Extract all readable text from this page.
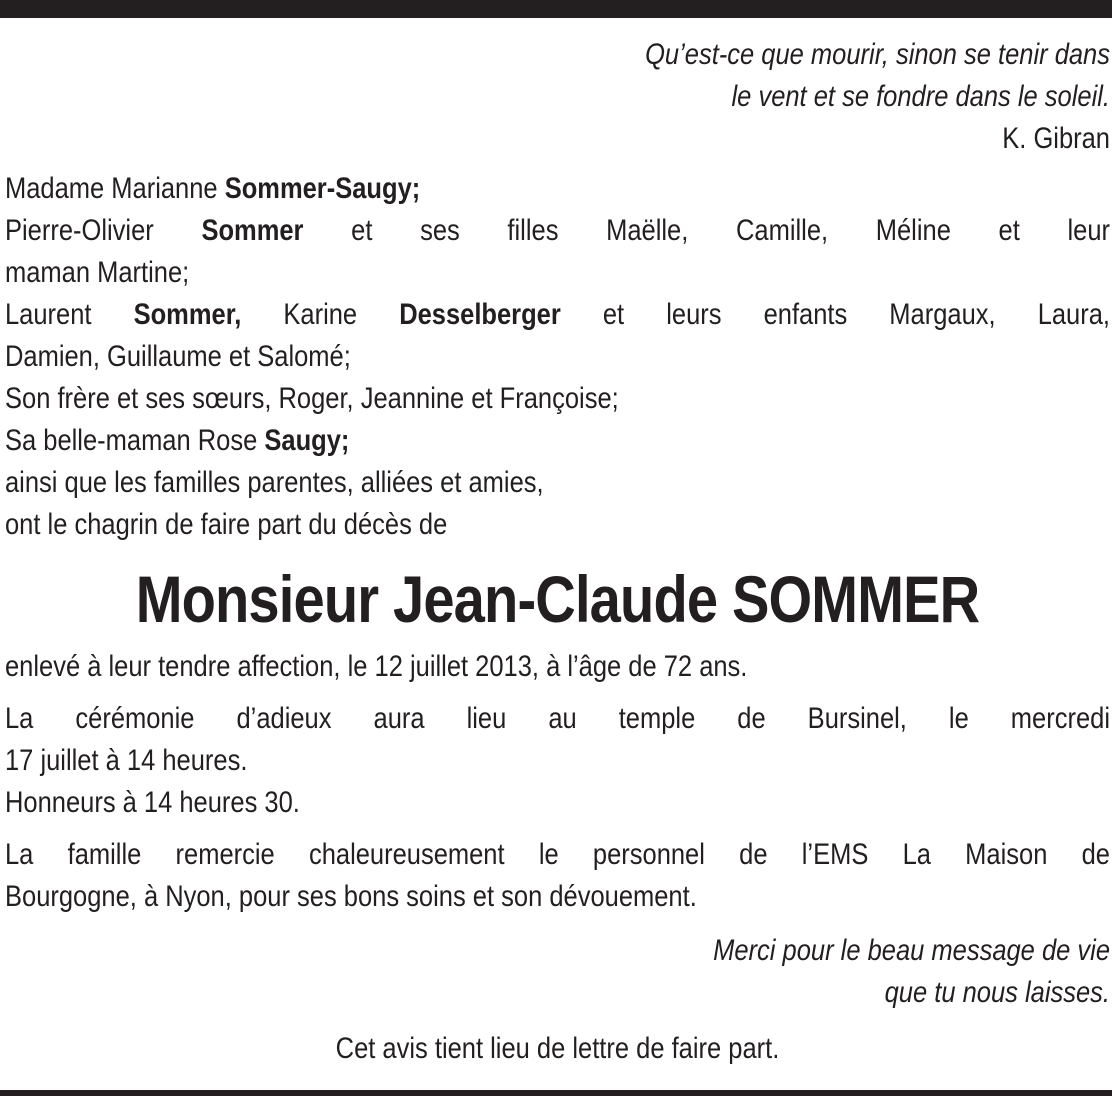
Qu’est-ce que mourir, sinon se tenir dans
le vent et se fondre dans le soleil.
K. Gibran
Madame Marianne Sommer-Saugy;
Pierre-Olivier Sommer et ses filles Maëlle, Camille, Méline et leur
maman Martine;
Laurent Sommer, Karine Desselberger et leurs enfants Margaux, Laura,
Damien, Guillaume et Salomé;
Son frère et ses sœurs, Roger, Jeannine et Françoise;
Sa belle-maman Rose Saugy;
ainsi que les familles parentes, alliées et amies,
ont le chagrin de faire part du décès de
Monsieur Jean-Claude SOMMER
enlevé à leur tendre affection, le 12 juillet 2013, à l’âge de 72 ans.
La cérémonie d’adieux aura lieu au temple de Bursinel, le mercredi
17 juillet à 14 heures.
Honneurs à 14 heures 30.
La famille remercie chaleureusement le personnel de l’EMS La Maison de
Bourgogne, à Nyon, pour ses bons soins et son dévouement.
Merci pour le beau message de vie
que tu nous laisses.
Cet avis tient lieu de lettre de faire part.
